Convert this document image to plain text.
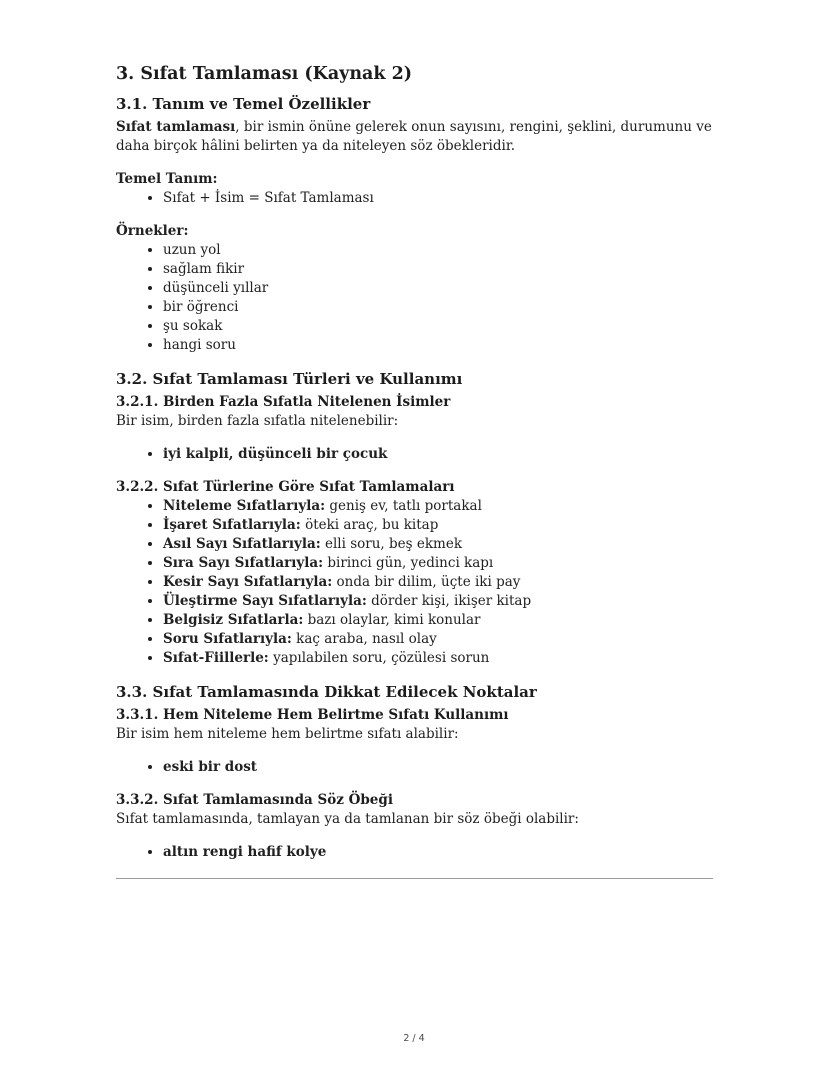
3. Sıfat Tamlaması (Kaynak 2)
3.1. Tanım ve Temel Özellikler

Sıfat tamlaması, bir ismin önüne gelerek onun sayısını, rengini, şeklini, durumunu ve daha birçok hâlini belirten ya da niteleyen söz öbekleridir.

Temel Tanım:

• Sıfat + İsim = Sıfat Tamlaması

Örnekler:

• uzun yol
• sağlam fikir
• düşünceli yıllar
• bir öğrenci
• şu sokak
• hangi soru
3.2. Sıfat Tamlaması Türleri ve Kullanımı
3.2.1. Birden Fazla Sıfatla Nitelenen İsimler

Bir isim, birden fazla sıfatla nitelenebilir:

• iyi kalpli, düşünceli bir çocuk
3.2.2. Sıfat Türlerine Göre Sıfat Tamlamaları
• Niteleme Sıfatlarıyla: geniş ev, tatlı portakal
• İşaret Sıfatlarıyla: öteki araç, bu kitap
• Asıl Sayı Sıfatlarıyla: elli soru, beş ekmek
• Sıra Sayı Sıfatlarıyla: birinci gün, yedinci kapı
• Kesir Sayı Sıfatlarıyla: onda bir dilim, üçte iki pay
• Üleştirme Sayı Sıfatlarıyla: dörder kişi, ikişer kitap
• Belgisiz Sıfatlarla: bazı olaylar, kimi konular
• Soru Sıfatlarıyla: kaç araba, nasıl olay
• Sıfat-Fiillerle: yapılabilen soru, çözülesi sorun
3.3. Sıfat Tamlamasında Dikkat Edilecek Noktalar
3.3.1. Hem Niteleme Hem Belirtme Sıfatı Kullanımı

Bir isim hem niteleme hem belirtme sıfatı alabilir:

• eski bir dost
3.3.2. Sıfat Tamlamasında Söz Öbeği

Sıfat tamlamasında, tamlayan ya da tamlanan bir söz öbeği olabilir:

• altın rengi hafif kolye
2 / 4
